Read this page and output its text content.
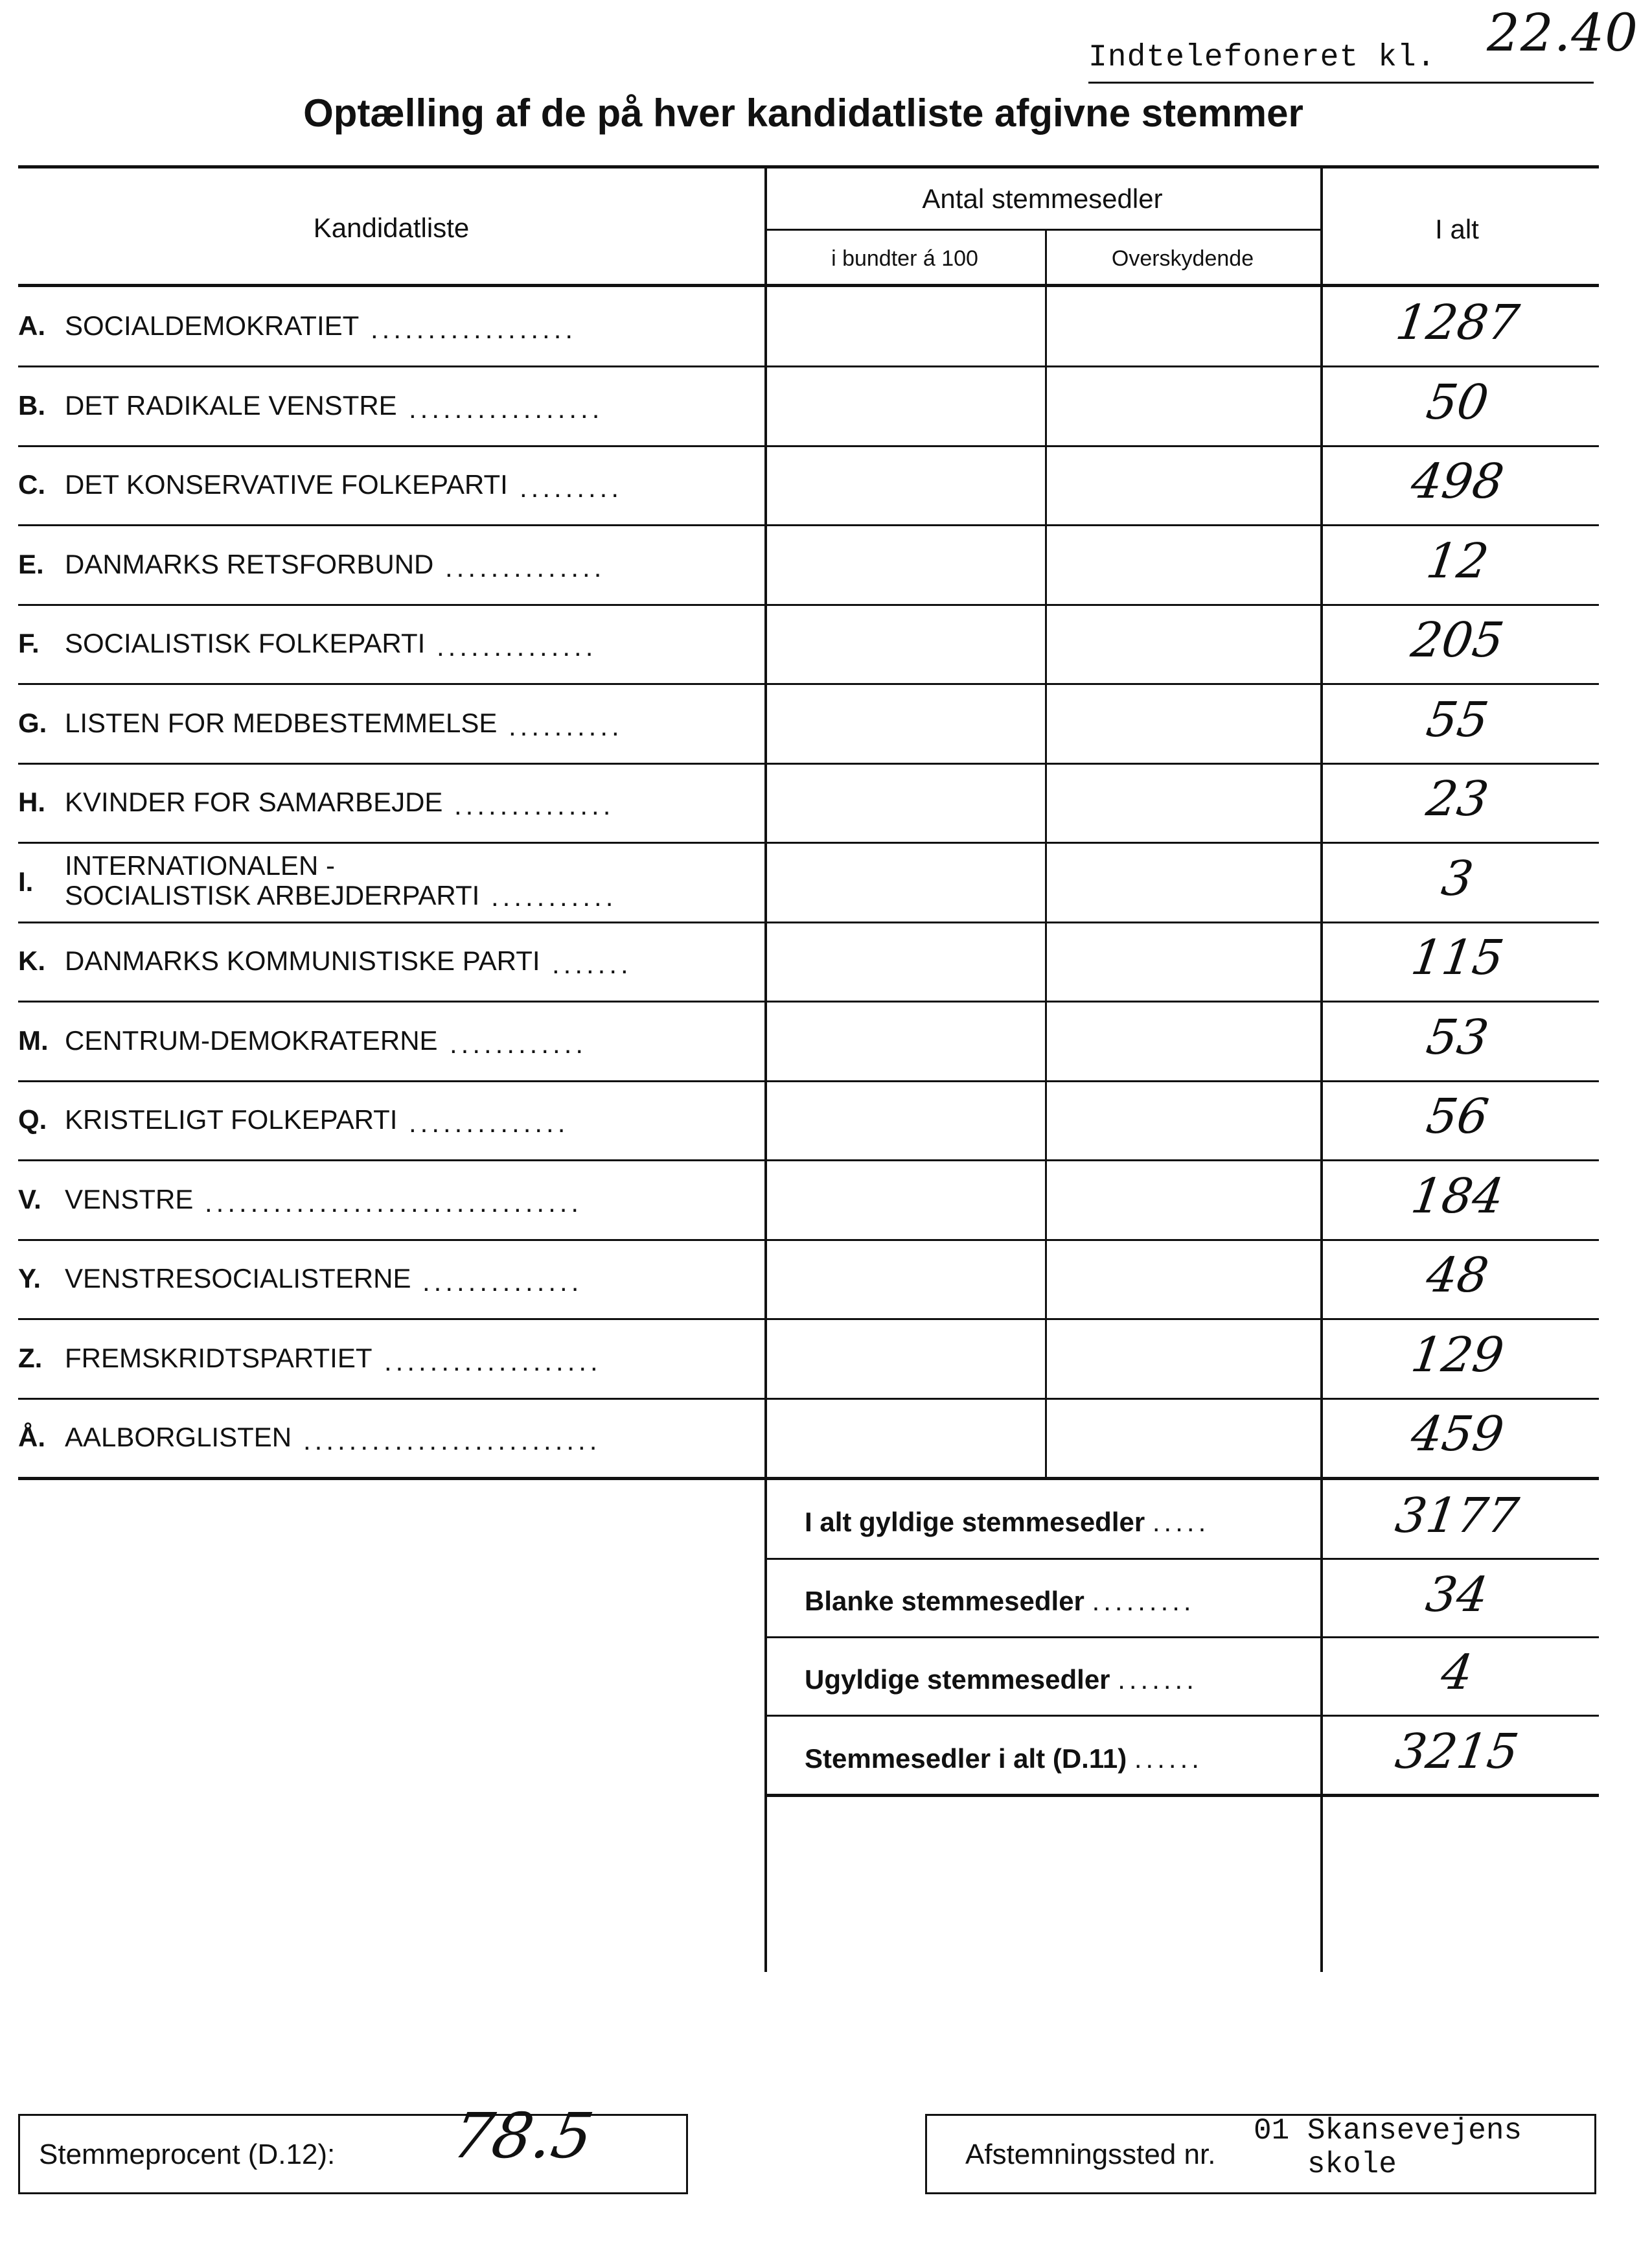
Indtelefoneret kl. 22.40
Optælling af de på hver kandidatliste afgivne stemmer
Kandidatliste
Antal stemmesedler
i bundter á 100	Overskydende
I alt
A. SOCIALDEMOKRATIET ..................	1287
B. DET RADIKALE VENSTRE .................	50
C. DET KONSERVATIVE FOLKEPARTI .........	498
E. DANMARKS RETSFORBUND ..............	12
F. SOCIALISTISK FOLKEPARTI ..............	205
G. LISTEN FOR MEDBESTEMMELSE ..........	55
H. KVINDER FOR SAMARBEJDE ..............	23
I.
INTERNATIONALEN -
SOCIALISTISK ARBEJDERPARTI ...........	3
K. DANMARKS KOMMUNISTISKE PARTI .......	115
M. CENTRUM-DEMOKRATERNE ............	53
Q. KRISTELIGT FOLKEPARTI ..............	56
V. VENSTRE .................................	184
Y. VENSTRESOCIALISTERNE ..............	48
Z. FREMSKRIDTSPARTIET ...................	129
Å. AALBORGLISTEN ..........................	459
I alt gyldige stemmesedler .....	3177
Blanke stemmesedler .........	34
Ugyldige stemmesedler .......	4
Stemmesedler i alt (D.11) ......	3215
Stemmeprocent (D.12): 78.5	Afstemningssted nr.
01 Skansevejens
skole
